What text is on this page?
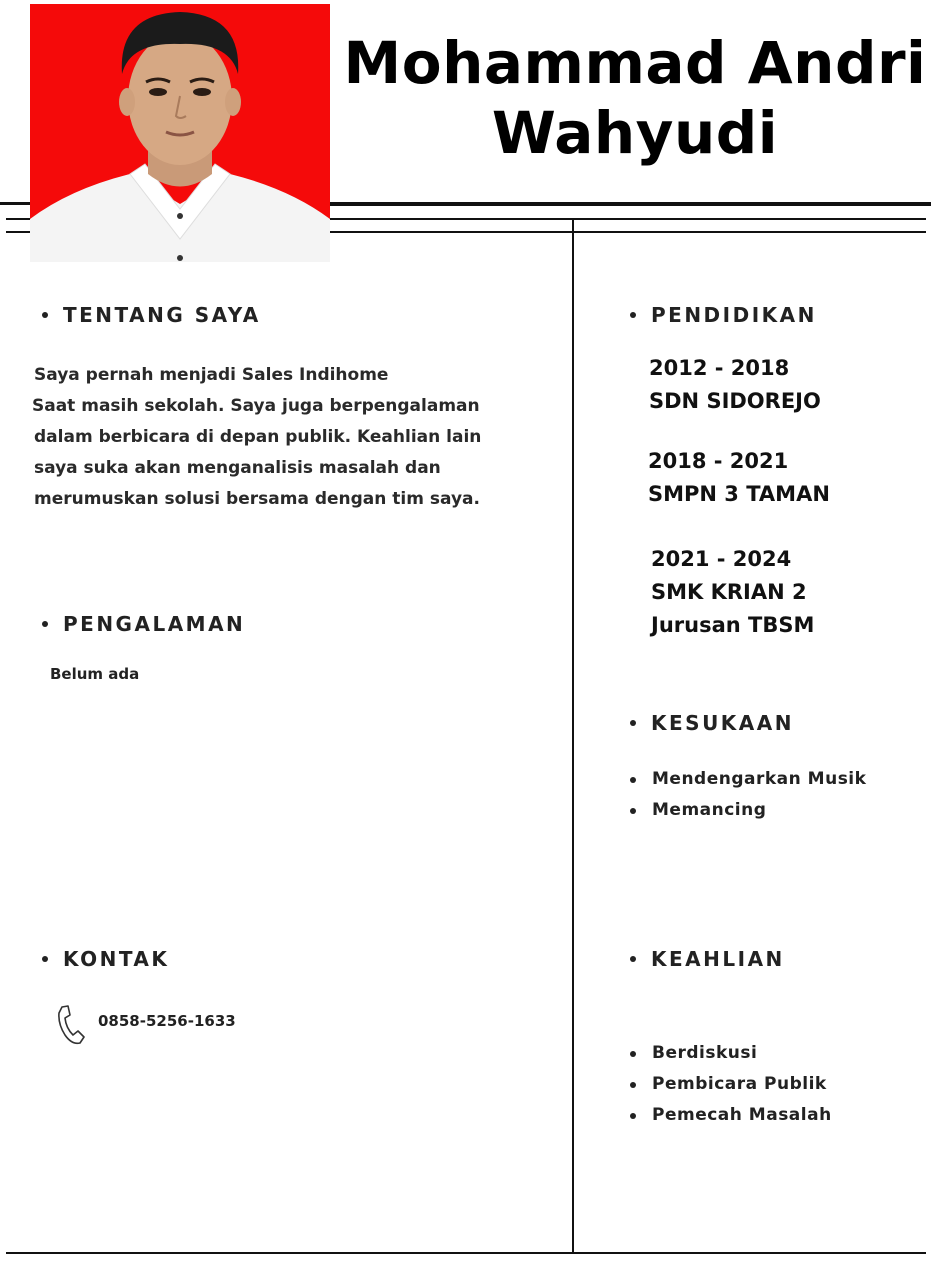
Mohammad Andri
Wahyudi
TENTANG SAYA
Saya pernah menjadi Sales Indihome
Saat masih sekolah. Saya juga berpengalaman
dalam berbicara di depan publik. Keahlian lain
saya suka akan menganalisis masalah dan
merumuskan solusi bersama dengan tim saya.
PENGALAMAN
Belum ada
KONTAK
0858-5256-1633
PENDIDIKAN
2012 - 2018
SDN SIDOREJO
2018 - 2021
SMPN 3 TAMAN
2021 - 2024
SMK KRIAN 2
Jurusan TBSM
KESUKAAN
Mendengarkan Musik
Memancing
KEAHLIAN
Berdiskusi
Pembicara Publik
Pemecah Masalah
